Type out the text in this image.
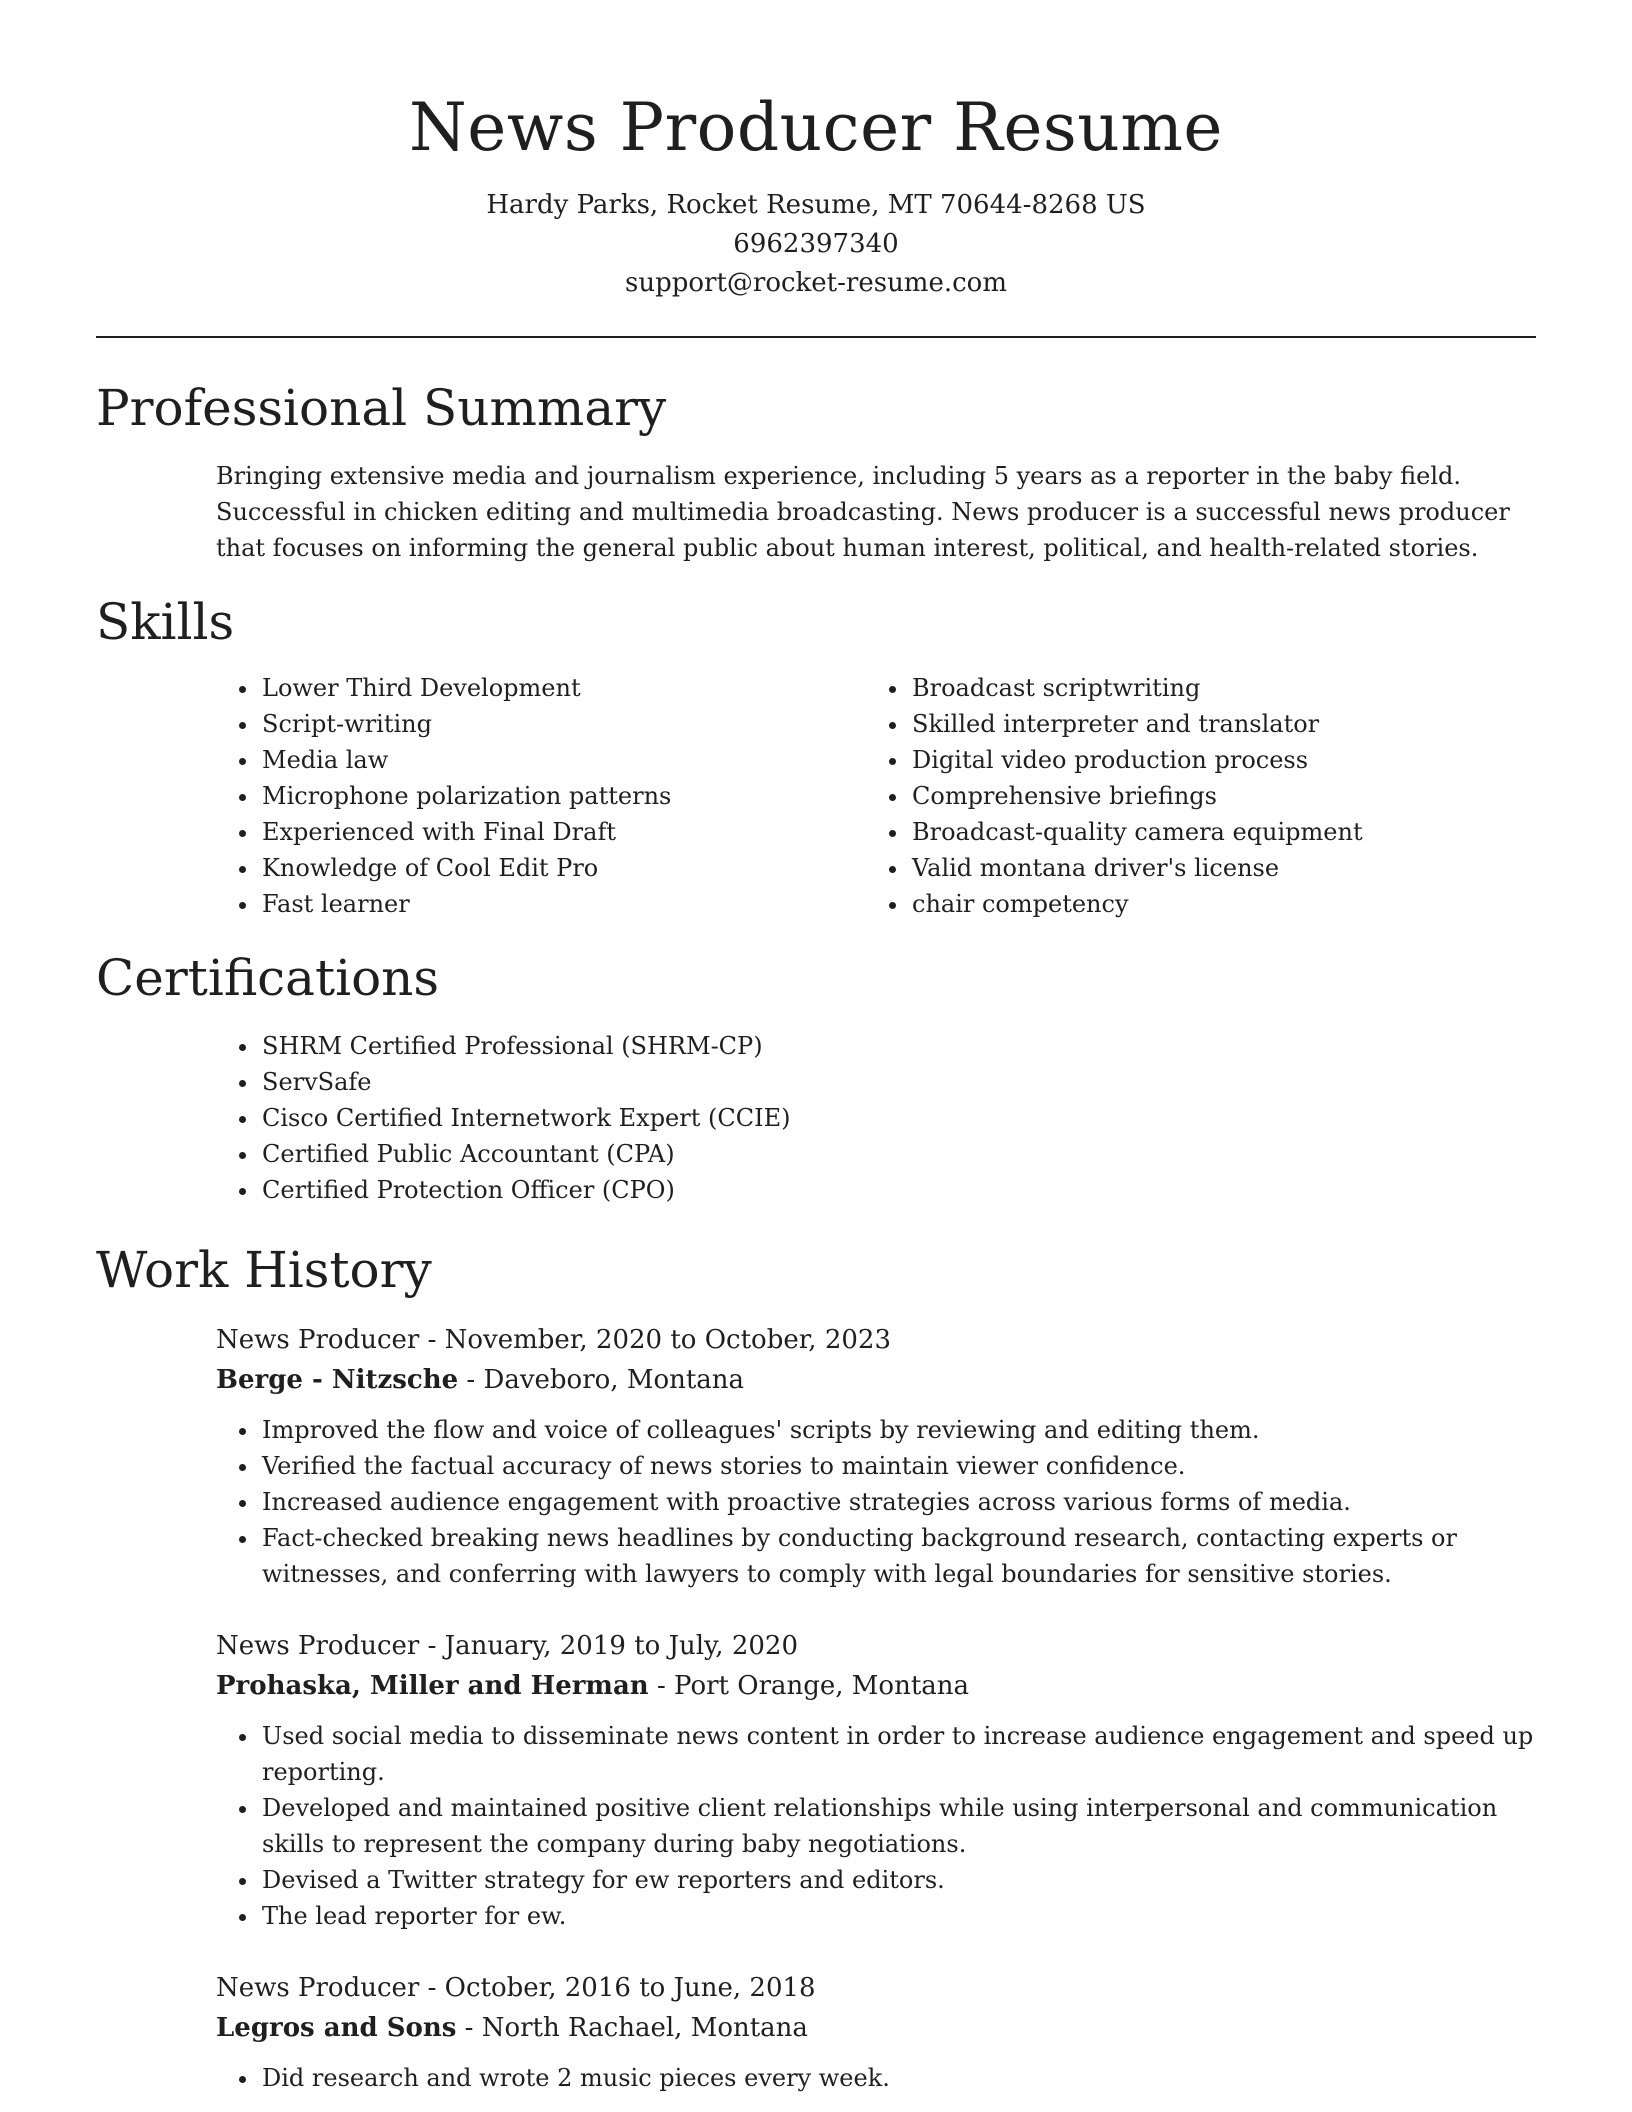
News Producer Resume
Hardy Parks, Rocket Resume, MT 70644-8268 US
6962397340
support@rocket-resume.com
Professional Summary

Bringing extensive media and journalism experience, including 5 years as a reporter in the baby field. Successful in chicken editing and multimedia broadcasting. News producer is a successful news producer that focuses on informing the general public about human interest, political, and health-related stories.

Skills
• Lower Third Development
• Script-writing
• Media law
• Microphone polarization patterns
• Experienced with Final Draft
• Knowledge of Cool Edit Pro
• Fast learner
• Broadcast scriptwriting
• Skilled interpreter and translator
• Digital video production process
• Comprehensive briefings
• Broadcast-quality camera equipment
• Valid montana driver's license
• chair competency
Certifications
• SHRM Certified Professional (SHRM-CP)
• ServSafe
• Cisco Certified Internetwork Expert (CCIE)
• Certified Public Accountant (CPA)
• Certified Protection Officer (CPO)
Work History
News Producer - November, 2020 to October, 2023
Berge - Nitzsche - Daveboro, Montana
• Improved the flow and voice of colleagues' scripts by reviewing and editing them.
• Verified the factual accuracy of news stories to maintain viewer confidence.
• Increased audience engagement with proactive strategies across various forms of media.
• Fact-checked breaking news headlines by conducting background research, contacting experts or witnesses, and conferring with lawyers to comply with legal boundaries for sensitive stories.
News Producer - January, 2019 to July, 2020
Prohaska, Miller and Herman - Port Orange, Montana
• Used social media to disseminate news content in order to increase audience engagement and speed up reporting.
• Developed and maintained positive client relationships while using interpersonal and communication skills to represent the company during baby negotiations.
• Devised a Twitter strategy for ew reporters and editors.
• The lead reporter for ew.
News Producer - October, 2016 to June, 2018
Legros and Sons - North Rachael, Montana
• Did research and wrote 2 music pieces every week.
